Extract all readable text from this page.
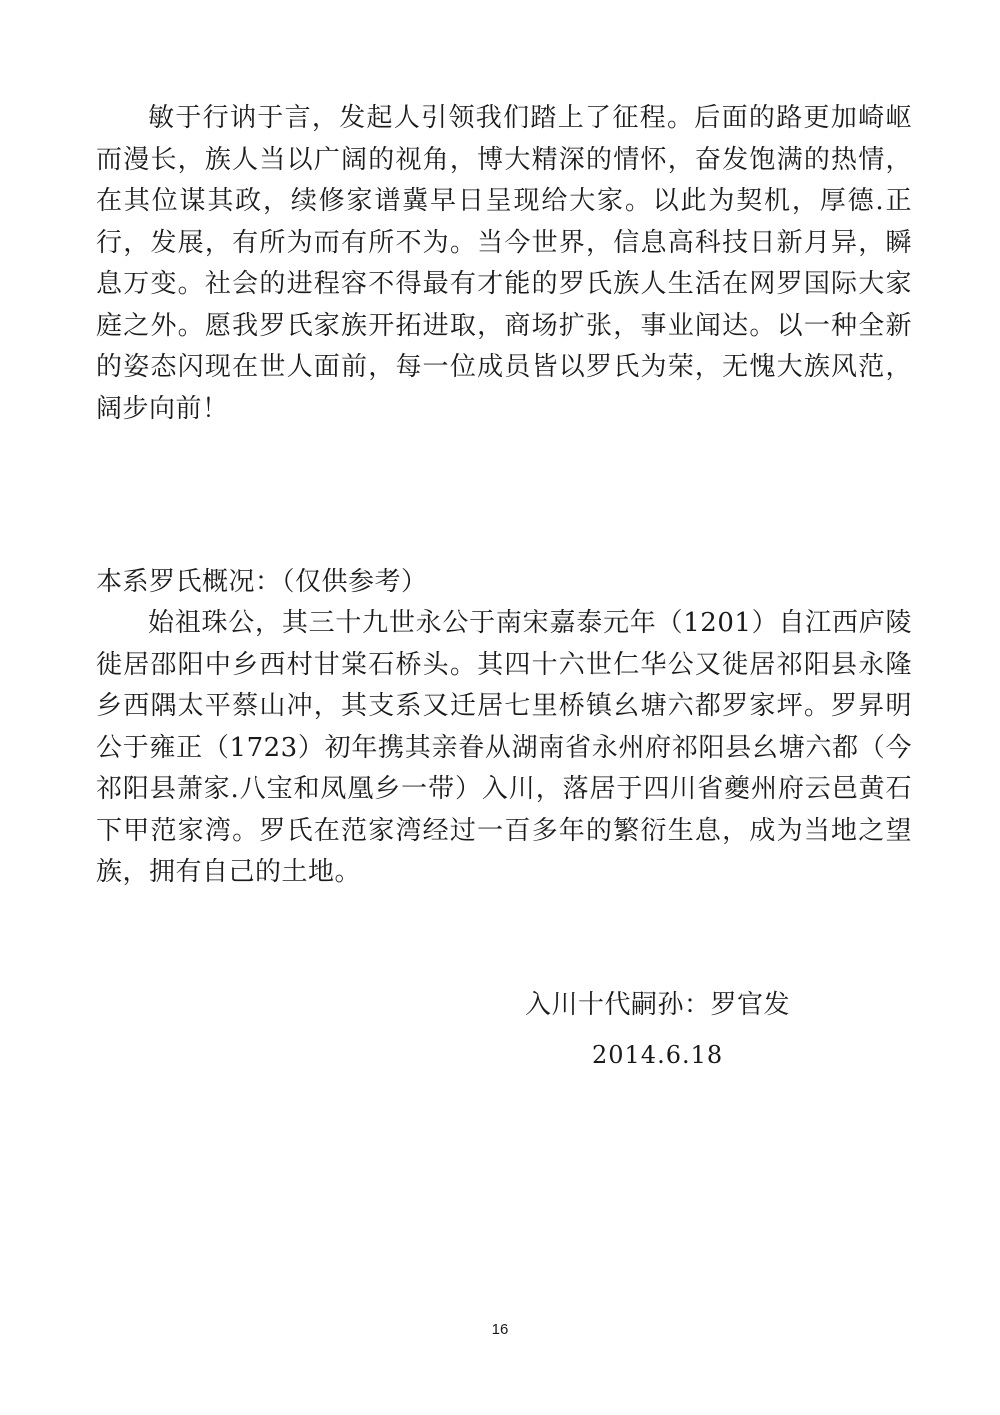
敏于行讷于言，发起人引领我们踏上了征程。后面的路更加崎岖而漫长，族人当以广阔的视角，博大精深的情怀，奋发饱满的热情，在其位谋其政，续修家谱冀早日呈现给大家。以此为契机，厚德.正行，发展，有所为而有所不为。当今世界，信息高科技日新月异，瞬息万变。社会的进程容不得最有才能的罗氏族人生活在网罗国际大家庭之外。愿我罗氏家族开拓进取，商场扩张，事业闻达。以一种全新的姿态闪现在世人面前，每一位成员皆以罗氏为荣，无愧大族风范，阔步向前！

本系罗氏概况：（仅供参考）

始祖珠公，其三十九世永公于南宋嘉泰元年（1201）自江西庐陵徙居邵阳中乡西村甘棠石桥头。其四十六世仁华公又徙居祁阳县永隆乡西隅太平蔡山冲，其支系又迁居七里桥镇幺塘六都罗家坪。罗昇明公于雍正（1723）初年携其亲眷从湖南省永州府祁阳县幺塘六都（今祁阳县萧家.八宝和凤凰乡一带）入川，落居于四川省夔州府云邑黄石下甲范家湾。罗氏在范家湾经过一百多年的繁衍生息，成为当地之望族，拥有自己的土地。

入川十代嗣孙：罗官发
2014.6.18
16
